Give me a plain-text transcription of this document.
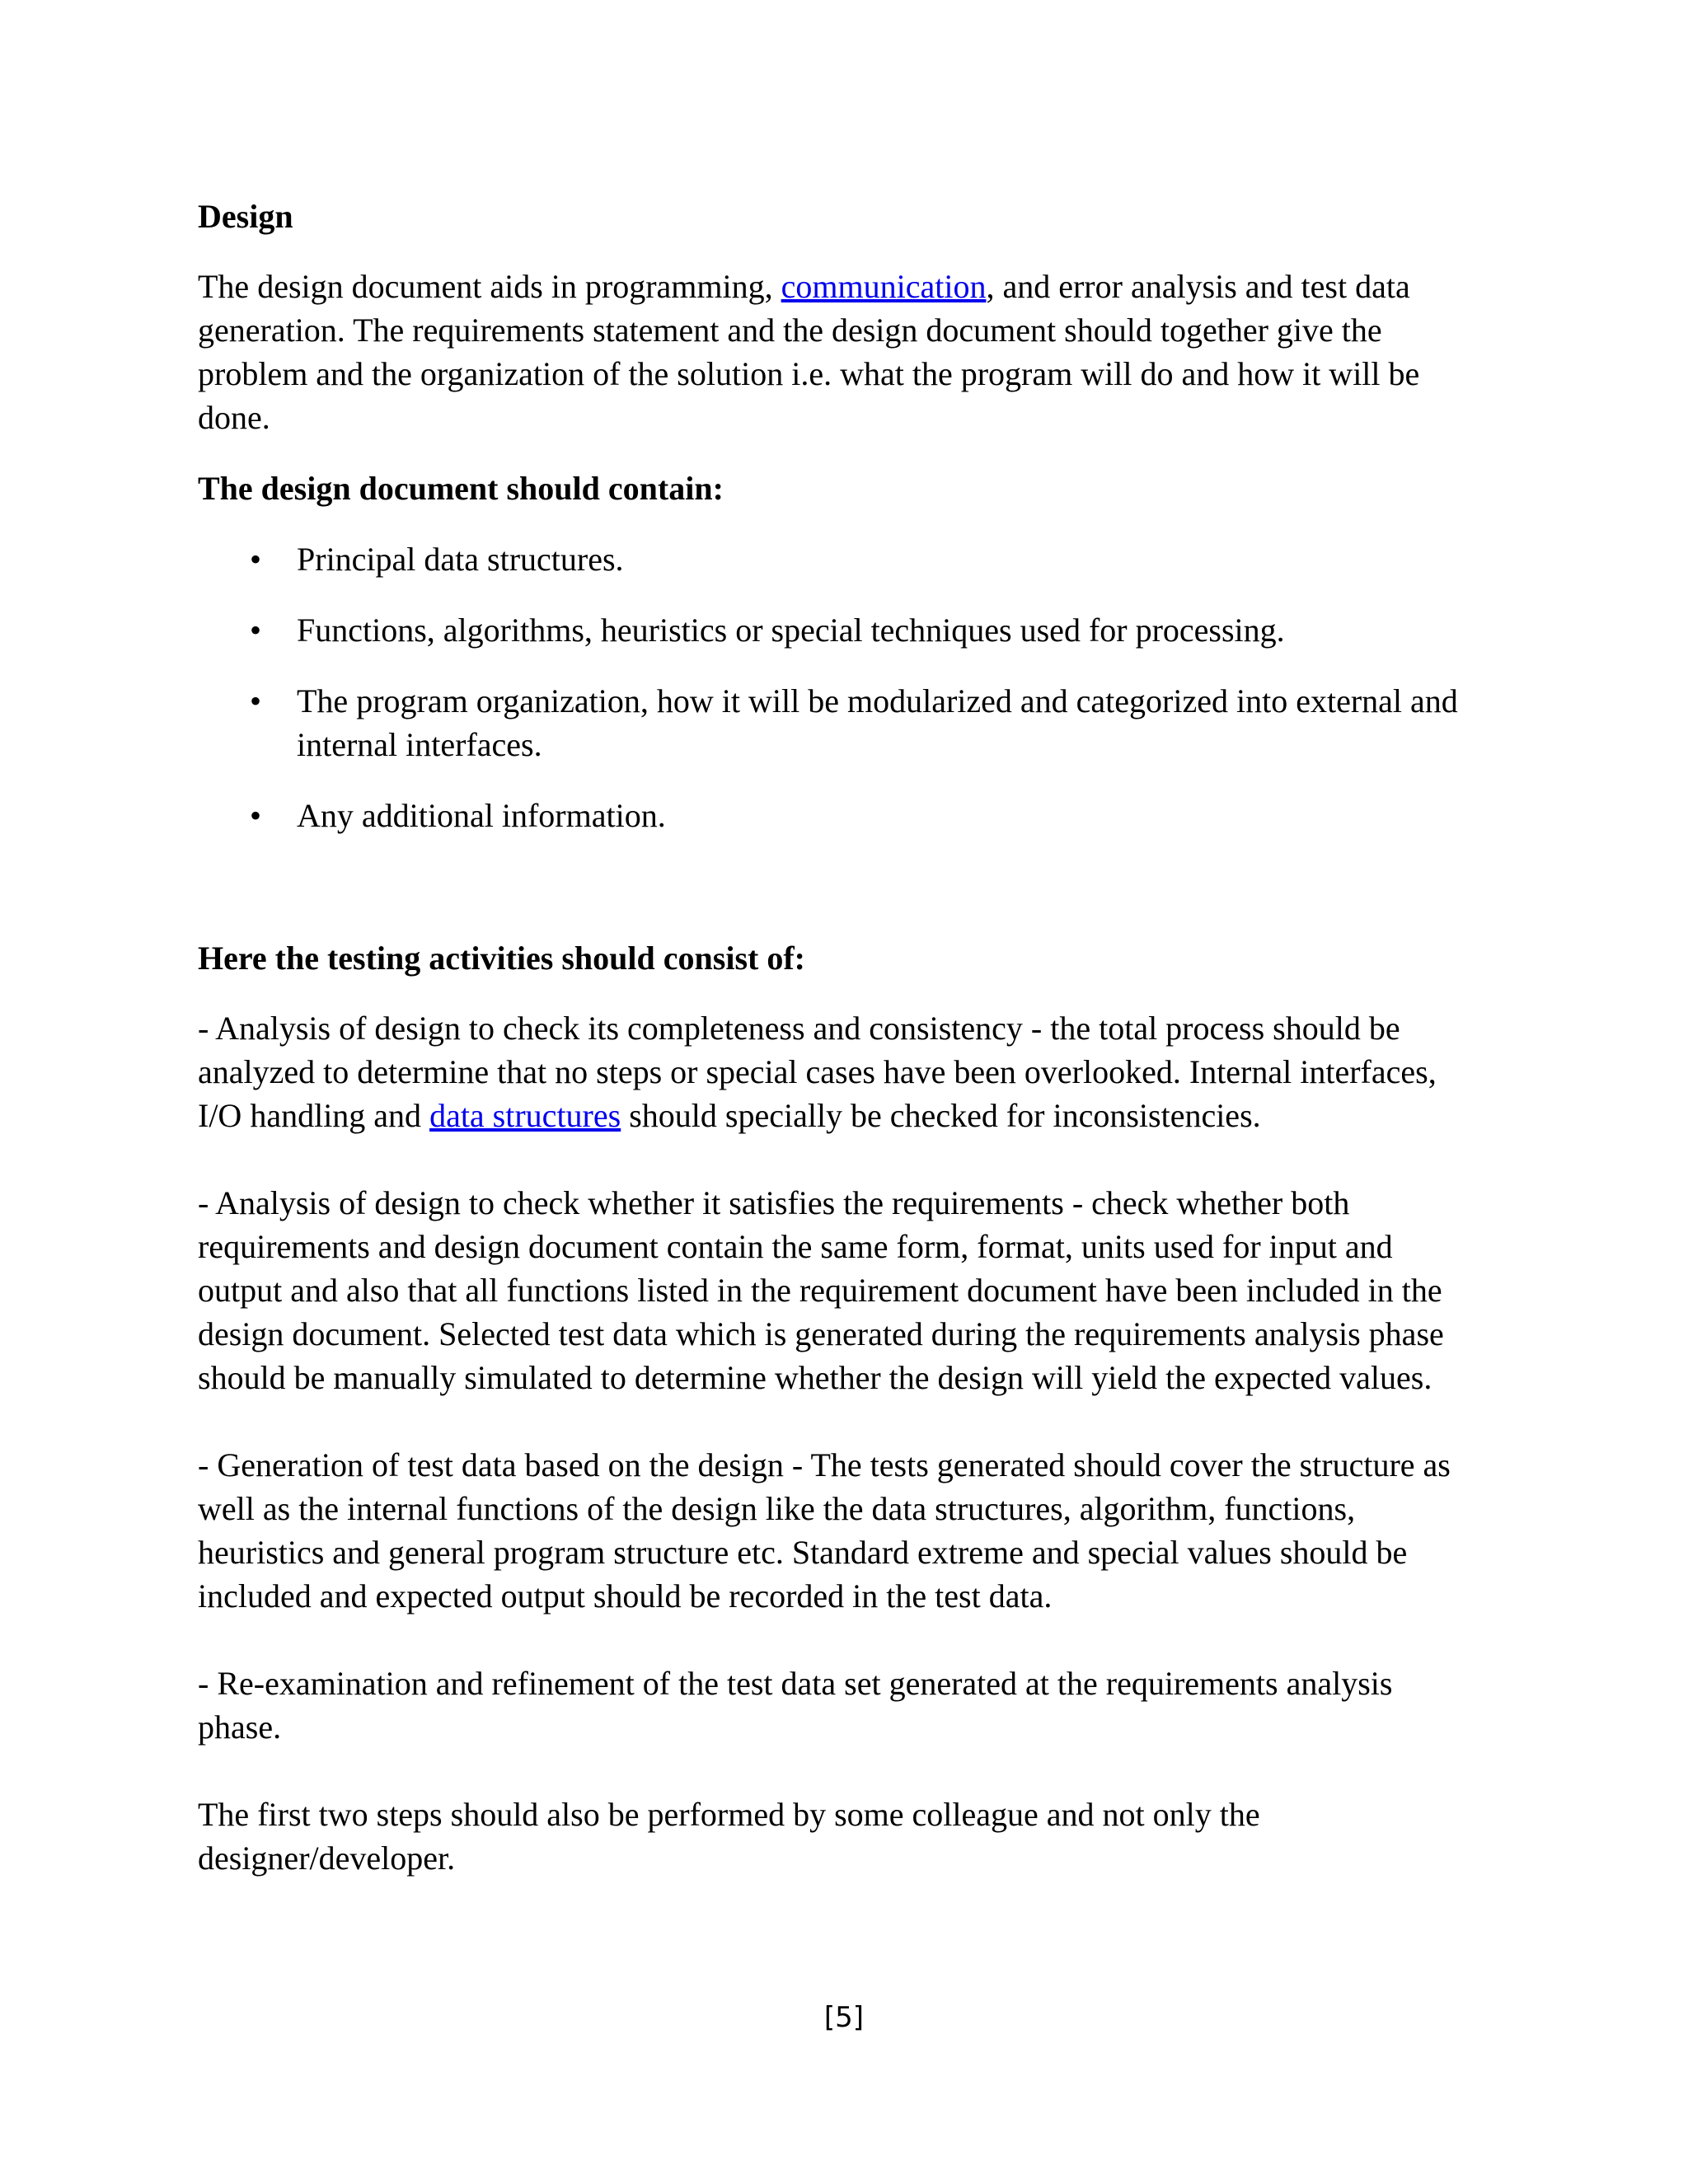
Design

The design document aids in programming, communication, and error analysis and test data generation. The requirements statement and the design document should together give the problem and the organization of the solution i.e. what the program will do and how it will be done.

The design document should contain:

• Principal data structures.
• Functions, algorithms, heuristics or special techniques used for processing.
• The program organization, how it will be modularized and categorized into external and internal interfaces.
• Any additional information.

Here the testing activities should consist of:

- Analysis of design to check its completeness and consistency - the total process should be analyzed to determine that no steps or special cases have been overlooked. Internal interfaces, I/O handling and data structures should specially be checked for inconsistencies.

- Analysis of design to check whether it satisfies the requirements - check whether both requirements and design document contain the same form, format, units used for input and output and also that all functions listed in the requirement document have been included in the design document. Selected test data which is generated during the requirements analysis phase should be manually simulated to determine whether the design will yield the expected values.

- Generation of test data based on the design - The tests generated should cover the structure as well as the internal functions of the design like the data structures, algorithm, functions, heuristics and general program structure etc. Standard extreme and special values should be included and expected output should be recorded in the test data.

- Re-examination and refinement of the test data set generated at the requirements analysis phase.

The first two steps should also be performed by some colleague and not only the designer/developer.

[5]
